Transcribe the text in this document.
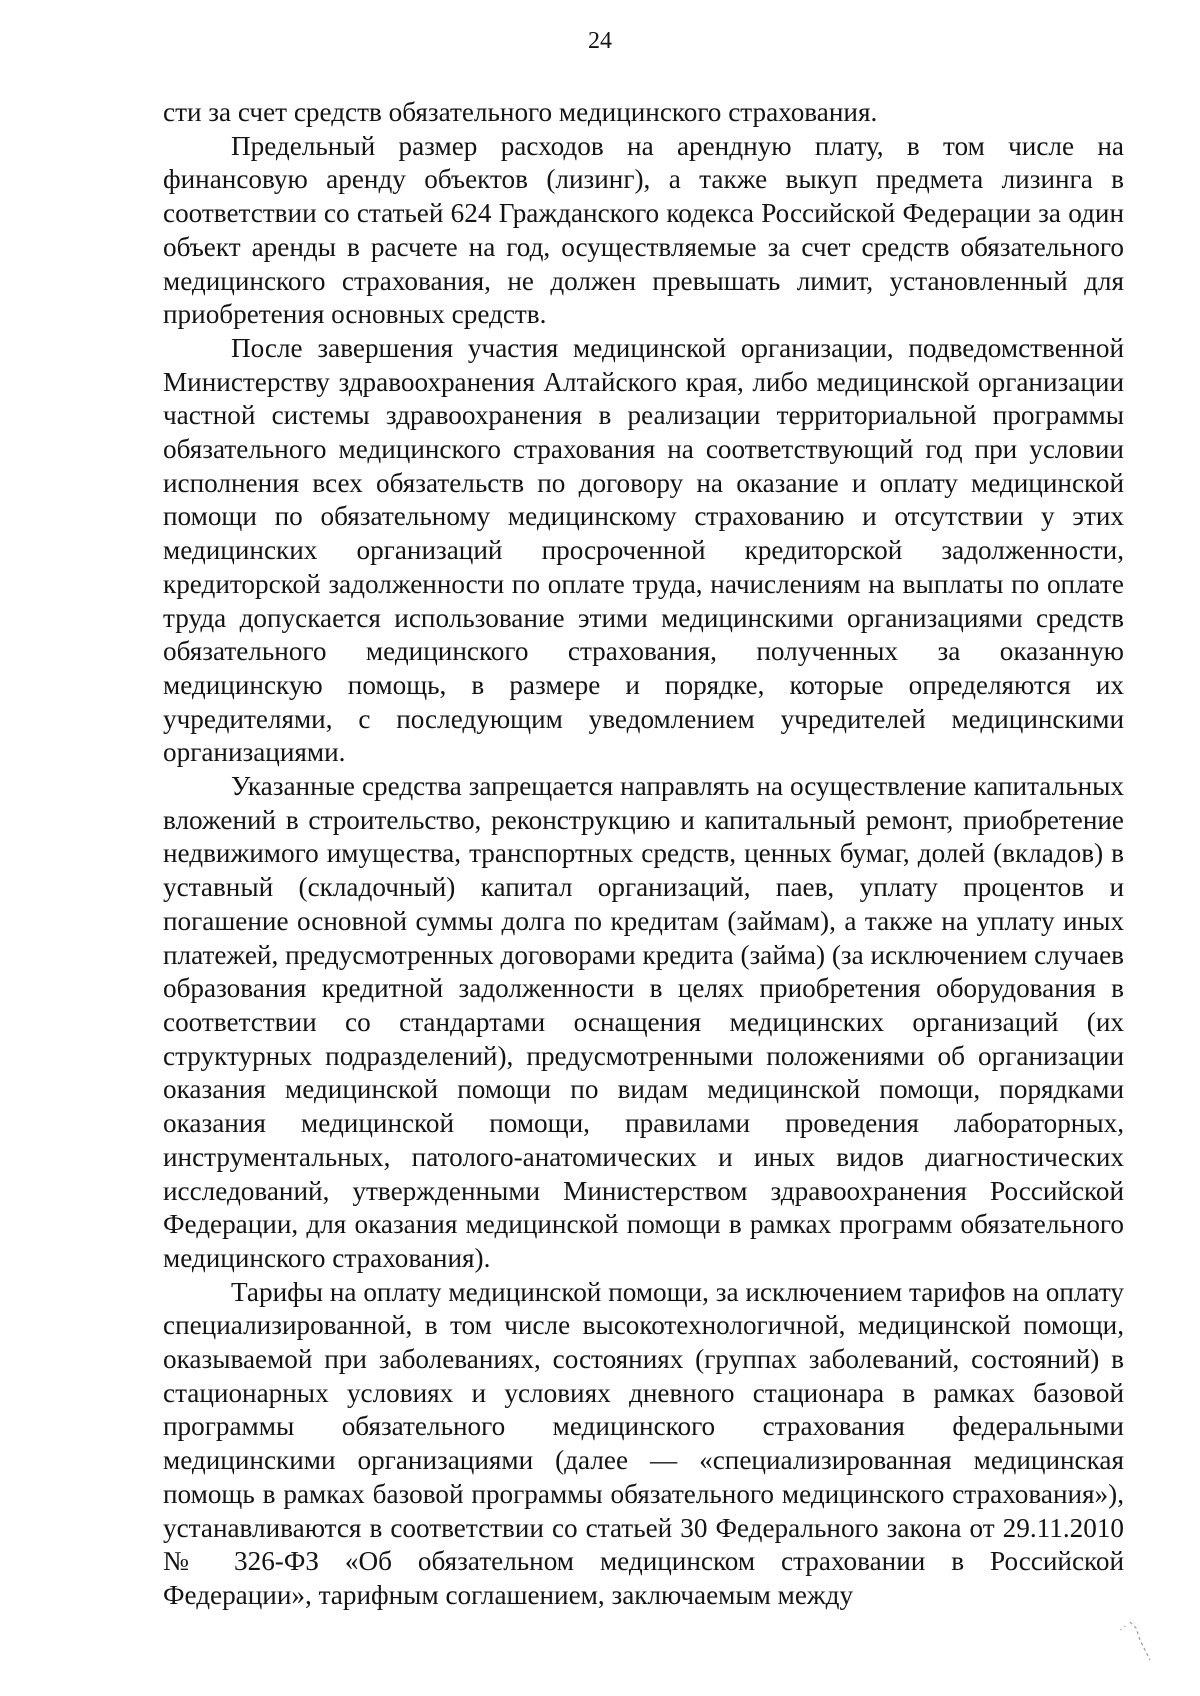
24

сти за счет средств обязательного медицинского страхования.

Предельный размер расходов на арендную плату, в том числе на финансовую аренду объектов (лизинг), а также выкуп предмета лизинга в соответствии со статьей 624 Гражданского кодекса Российской Федерации за один объект аренды в расчете на год, осуществляемые за счет средств обязательного медицинского страхования, не должен превышать лимит, установленный для приобретения основных средств.

После завершения участия медицинской организации, подведомственной Министерству здравоохранения Алтайского края, либо медицинской организации частной системы здравоохранения в реализации территориальной программы обязательного медицинского страхования на соответствующий год при условии исполнения всех обязательств по договору на оказание и оплату медицинской помощи по обязательному медицинскому страхованию и отсутствии у этих медицинских организаций просроченной кредиторской задолженности, кредиторской задолженности по оплате труда, начислениям на выплаты по оплате труда допускается использование этими медицинскими организациями средств обязательного медицинского страхования, полученных за оказанную медицинскую помощь, в размере и порядке, которые определяются их учредителями, с последующим уведомлением учредителей медицинскими организациями.

Указанные средства запрещается направлять на осуществление капитальных вложений в строительство, реконструкцию и капитальный ремонт, приобретение недвижимого имущества, транспортных средств, ценных бумаг, долей (вкладов) в уставный (складочный) капитал организаций, паев, уплату процентов и погашение основной суммы долга по кредитам (займам), а также на уплату иных платежей, предусмотренных договорами кредита (займа) (за исключением случаев образования кредитной задолженности в целях приобретения оборудования в соответствии со стандартами оснащения медицинских организаций (их структурных подразделений), предусмотренными положениями об организации оказания медицинской помощи по видам медицинской помощи, порядками оказания медицинской помощи, правилами проведения лабораторных, инструментальных, патолого-анатомических и иных видов диагностических исследований, утвержденными Министерством здравоохранения Российской Федерации, для оказания медицинской помощи в рамках программ обязательного медицинского страхования).

Тарифы на оплату медицинской помощи, за исключением тарифов на оплату специализированной, в том числе высокотехнологичной, медицинской помощи, оказываемой при заболеваниях, состояниях (группах заболеваний, состояний) в стационарных условиях и условиях дневного стационара в рамках базовой программы обязательного медицинского страхования федеральными медицинскими организациями (далее — «специализированная медицинская помощь в рамках базовой программы обязательного медицинского страхования»), устанавливаются в соответствии со статьей 30 Федерального закона от 29.11.2010 № 326-ФЗ «Об обязательном медицинском страховании в Российской Федерации», тарифным соглашением, заключаемым между
